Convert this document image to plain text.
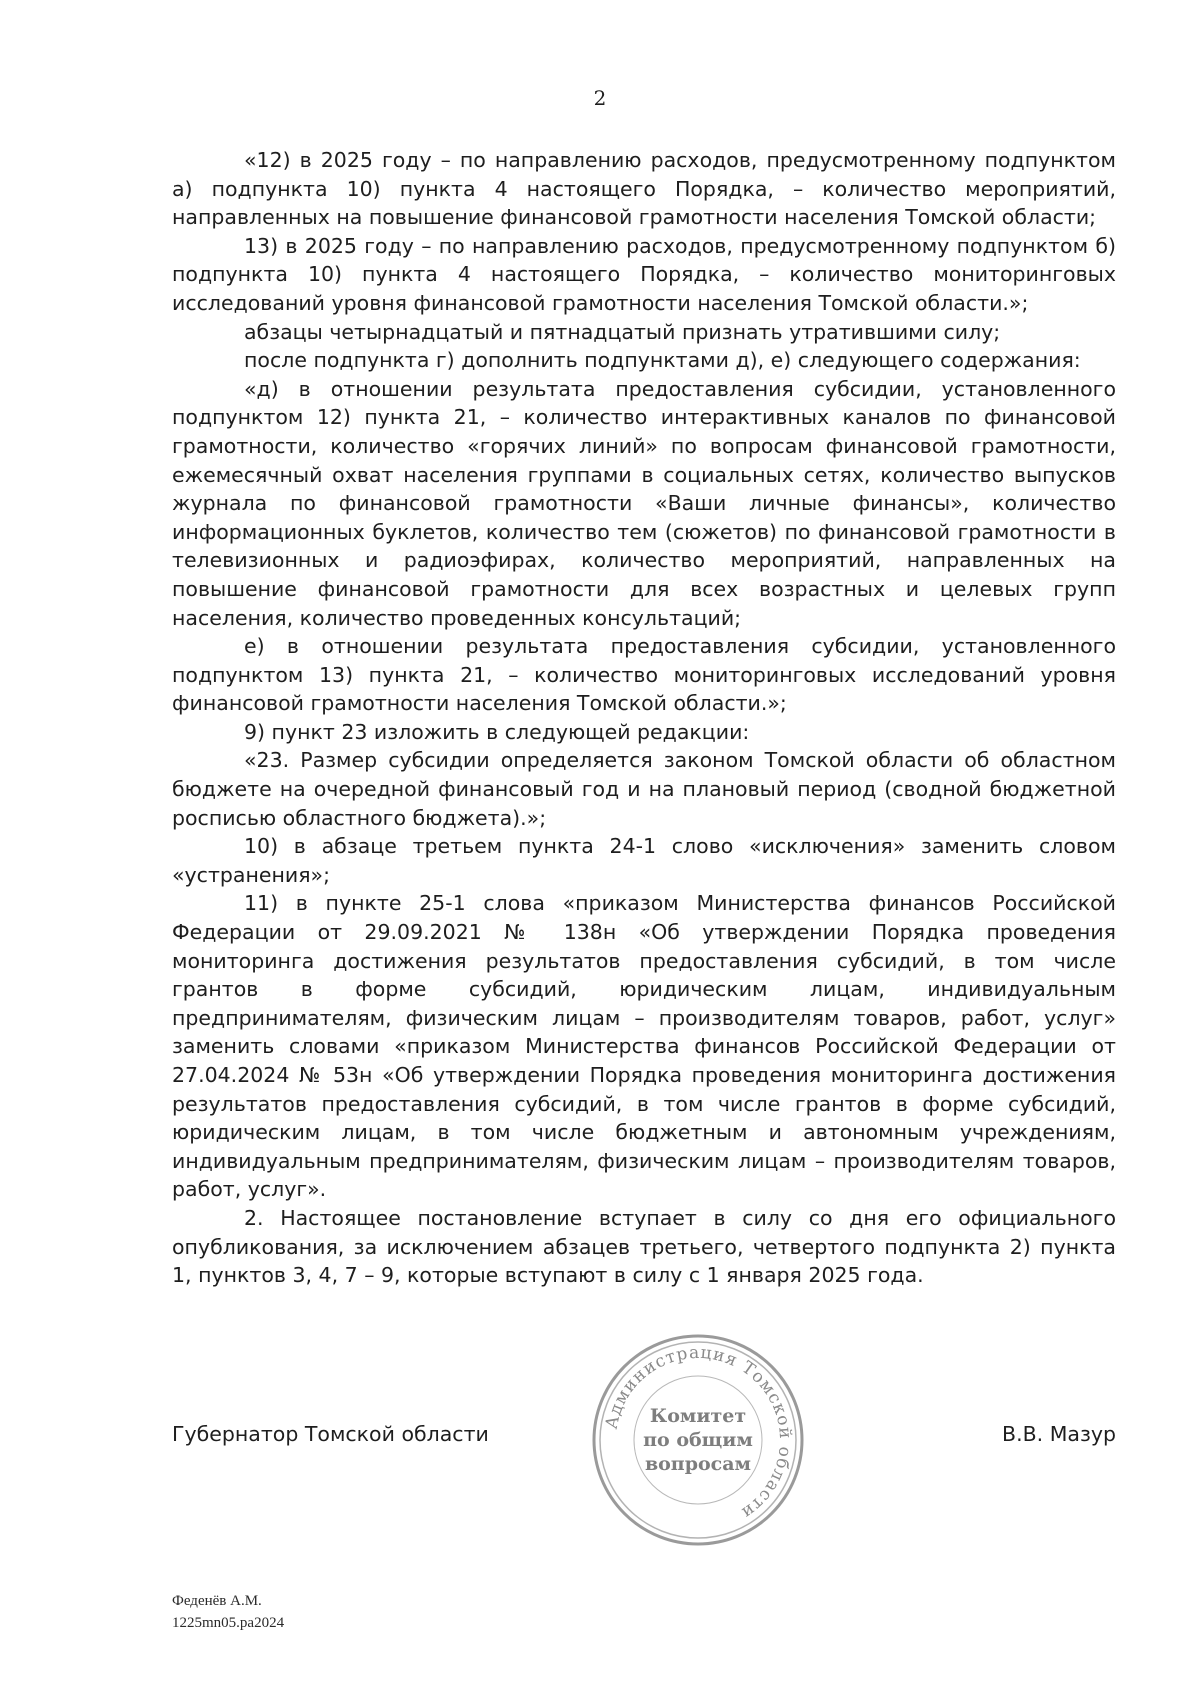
2

«12) в 2025 году – по направлению расходов, предусмотренному подпунктом а) подпункта 10) пункта 4 настоящего Порядка, – количество мероприятий, направленных на повышение финансовой грамотности населения Томской области;

13) в 2025 году – по направлению расходов, предусмотренному подпунктом б) подпункта 10) пункта 4 настоящего Порядка, – количество мониторинговых исследований уровня финансовой грамотности населения Томской области.»;

абзацы четырнадцатый и пятнадцатый признать утратившими силу;

после подпункта г) дополнить подпунктами д), е) следующего содержания:

«д) в отношении результата предоставления субсидии, установленного подпунктом 12) пункта 21, – количество интерактивных каналов по финансовой грамотности, количество «горячих линий» по вопросам финансовой грамотности, ежемесячный охват населения группами в социальных сетях, количество выпусков журнала по финансовой грамотности «Ваши личные финансы», количество информационных буклетов, количество тем (сюжетов) по финансовой грамотности в телевизионных и радиоэфирах, количество мероприятий, направленных на повышение финансовой грамотности для всех возрастных и целевых групп населения, количество проведенных консультаций;

е) в отношении результата предоставления субсидии, установленного подпунктом 13) пункта 21, – количество мониторинговых исследований уровня финансовой грамотности населения Томской области.»;

9) пункт 23 изложить в следующей редакции:

«23. Размер субсидии определяется законом Томской области об областном бюджете на очередной финансовый год и на плановый период (сводной бюджетной росписью областного бюджета).»;

10) в абзаце третьем пункта 24-1 слово «исключения» заменить словом «устранения»;

11) в пункте 25-1 слова «приказом Министерства финансов Российской Федерации от 29.09.2021 № 138н «Об утверждении Порядка проведения мониторинга достижения результатов предоставления субсидий, в том числе грантов в форме субсидий, юридическим лицам, индивидуальным предпринимателям, физическим лицам – производителям товаров, работ, услуг» заменить словами «приказом Министерства финансов Российской Федерации от 27.04.2024 № 53н «Об утверждении Порядка проведения мониторинга достижения результатов предоставления субсидий, в том числе грантов в форме субсидий, юридическим лицам, в том числе бюджетным и автономным учреждениям, индивидуальным предпринимателям, физическим лицам – производителям товаров, работ, услуг».

2. Настоящее постановление вступает в силу со дня его официального опубликования, за исключением абзацев третьего, четвертого подпункта 2) пункта 1, пунктов 3, 4, 7 – 9, которые вступают в силу с 1 января 2025 года.

Губернатор Томской области	В.В. Мазур
Администрация Томской области
Комитет
по общим
вопросам
Феденёв А.М.
1225mn05.pa2024
